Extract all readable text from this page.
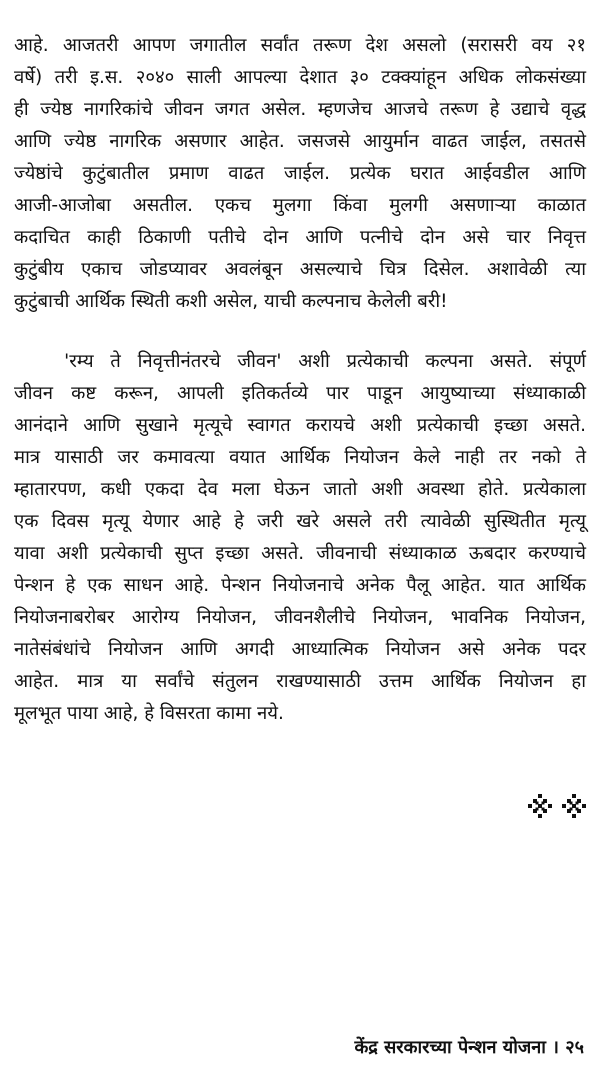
आहे. आजतरी आपण जगातील सर्वांत तरूण देश असलो (सरासरी वय २१
वर्षे) तरी इ.स. २०४० साली आपल्या देशात ३० टक्क्यांहून अधिक लोकसंख्या
ही ज्येष्ठ नागरिकांचे जीवन जगत असेल. म्हणजेच आजचे तरूण हे उद्याचे वृद्ध
आणि ज्येष्ठ नागरिक असणार आहेत. जसजसे आयुर्मान वाढत जाईल, तसतसे
ज्येष्ठांचे कुटुंबातील प्रमाण वाढत जाईल. प्रत्येक घरात आईवडील आणि
आजी-आजोबा असतील. एकच मुलगा किंवा मुलगी असणाऱ्या काळात
कदाचित काही ठिकाणी पतीचे दोन आणि पत्नीचे दोन असे चार निवृत्त
कुटुंबीय एकाच जोडप्यावर अवलंबून असल्याचे चित्र दिसेल. अशावेळी त्या
कुटुंबाची आर्थिक स्थिती कशी असेल, याची कल्पनाच केलेली बरी!
'रम्य ते निवृत्तीनंतरचे जीवन' अशी प्रत्येकाची कल्पना असते. संपूर्ण
जीवन कष्ट करून, आपली इतिकर्तव्ये पार पाडून आयुष्याच्या संध्याकाळी
आनंदाने आणि सुखाने मृत्यूचे स्वागत करायचे अशी प्रत्येकाची इच्छा असते.
मात्र यासाठी जर कमावत्या वयात आर्थिक नियोजन केले नाही तर नको ते
म्हातारपण, कधी एकदा देव मला घेऊन जातो अशी अवस्था होते. प्रत्येकाला
एक दिवस मृत्यू येणार आहे हे जरी खरे असले तरी त्यावेळी सुस्थितीत मृत्यू
यावा अशी प्रत्येकाची सुप्त इच्छा असते. जीवनाची संध्याकाळ ऊबदार करण्याचे
पेन्शन हे एक साधन आहे. पेन्शन नियोजनाचे अनेक पैलू आहेत. यात आर्थिक
नियोजनाबरोबर आरोग्य नियोजन, जीवनशैलीचे नियोजन, भावनिक नियोजन,
नातेसंबंधांचे नियोजन आणि अगदी आध्यात्मिक नियोजन असे अनेक पदर
आहेत. मात्र या सर्वांचे संतुलन राखण्यासाठी उत्तम आर्थिक नियोजन हा
मूलभूत पाया आहे, हे विसरता कामा नये.
केंद्र सरकारच्या पेन्शन योजना । २५
